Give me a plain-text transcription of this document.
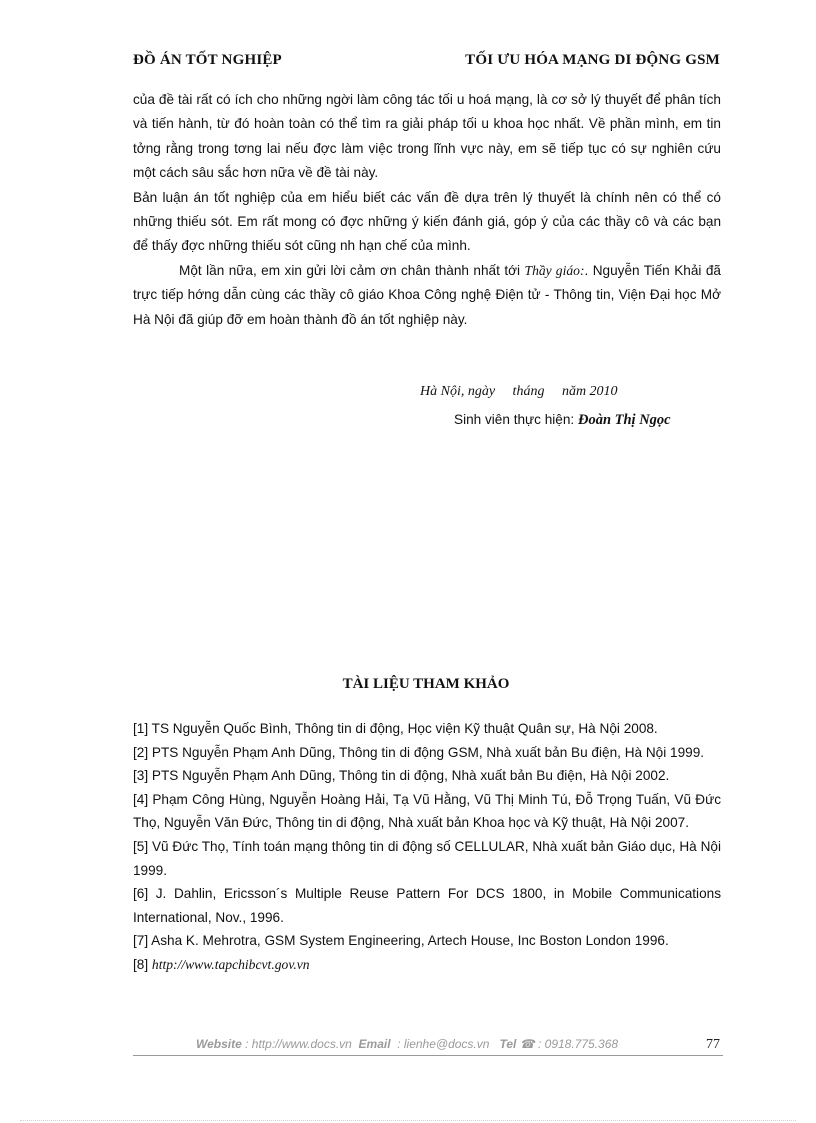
ĐỒ ÁN TỐT NGHIỆP	TỐI ƯU HÓA MẠNG DI ĐỘNG GSM

của đề tài rất có ích cho những ngời làm công tác tối u hoá mạng, là cơ sở lý thuyết để phân tích và tiến hành, từ đó hoàn toàn có thể tìm ra giải pháp tối u khoa học nhất. Về phần mình, em tin tởng rằng trong tơng lai nếu đợc làm việc trong lĩnh vực này, em sẽ tiếp tục có sự nghiên cứu một cách sâu sắc hơn nữa về đề tài này.

Bản luận án tốt nghiệp của em hiểu biết các vấn đề dựa trên lý thuyết là chính nên có thể có những thiếu sót. Em rất mong có đợc những ý kiến đánh giá, góp ý của các thầy cô và các bạn để thấy đợc những thiếu sót cũng nh hạn chế của mình.

Một lần nữa, em xin gửi lời cảm ơn chân thành nhất tới Thầy giáo:. Nguyễn Tiến Khải đã trực tiếp hớng dẫn cùng các thầy cô giáo Khoa Công nghệ Điện tử - Thông tin, Viện Đại học Mở Hà Nội đã giúp đỡ em hoàn thành đồ án tốt nghiệp này.

Hà Nội, ngày     tháng     năm 2010
Sinh viên thực hiện: Đoàn Thị Ngọc
TÀI LIỆU THAM KHẢO

[1] TS Nguyễn Quốc Bình, Thông tin di động, Học viện Kỹ thuật Quân sự, Hà Nội 2008.

[2] PTS Nguyễn Phạm Anh Dũng, Thông tin di động GSM, Nhà xuất bản Bu điện, Hà Nội 1999.

[3] PTS Nguyễn Phạm Anh Dũng, Thông tin di động, Nhà xuất bản Bu điện, Hà Nội 2002.

[4] Phạm Công Hùng, Nguyễn Hoàng Hải, Tạ Vũ Hằng, Vũ Thị Minh Tú, Đỗ Trọng Tuấn, Vũ Đức Thọ, Nguyễn Văn Đức, Thông tin di động, Nhà xuất bản Khoa học và Kỹ thuật, Hà Nội 2007.

[5] Vũ Đức Thọ, Tính toán mạng thông tin di động số CELLULAR, Nhà xuất bản Giáo dục, Hà Nội 1999.

[6] J. Dahlin, Ericsson´s Multiple Reuse Pattern For DCS 1800, in Mobile Communications International, Nov., 1996.

[7] Asha K. Mehrotra, GSM System Engineering, Artech House, Inc Boston London 1996.

[8] http://www.tapchibcvt.gov.vn

Website : http://www.docs.vn  Email  : lienhe@docs.vn   Tel ☎ : 0918.775.368	77
